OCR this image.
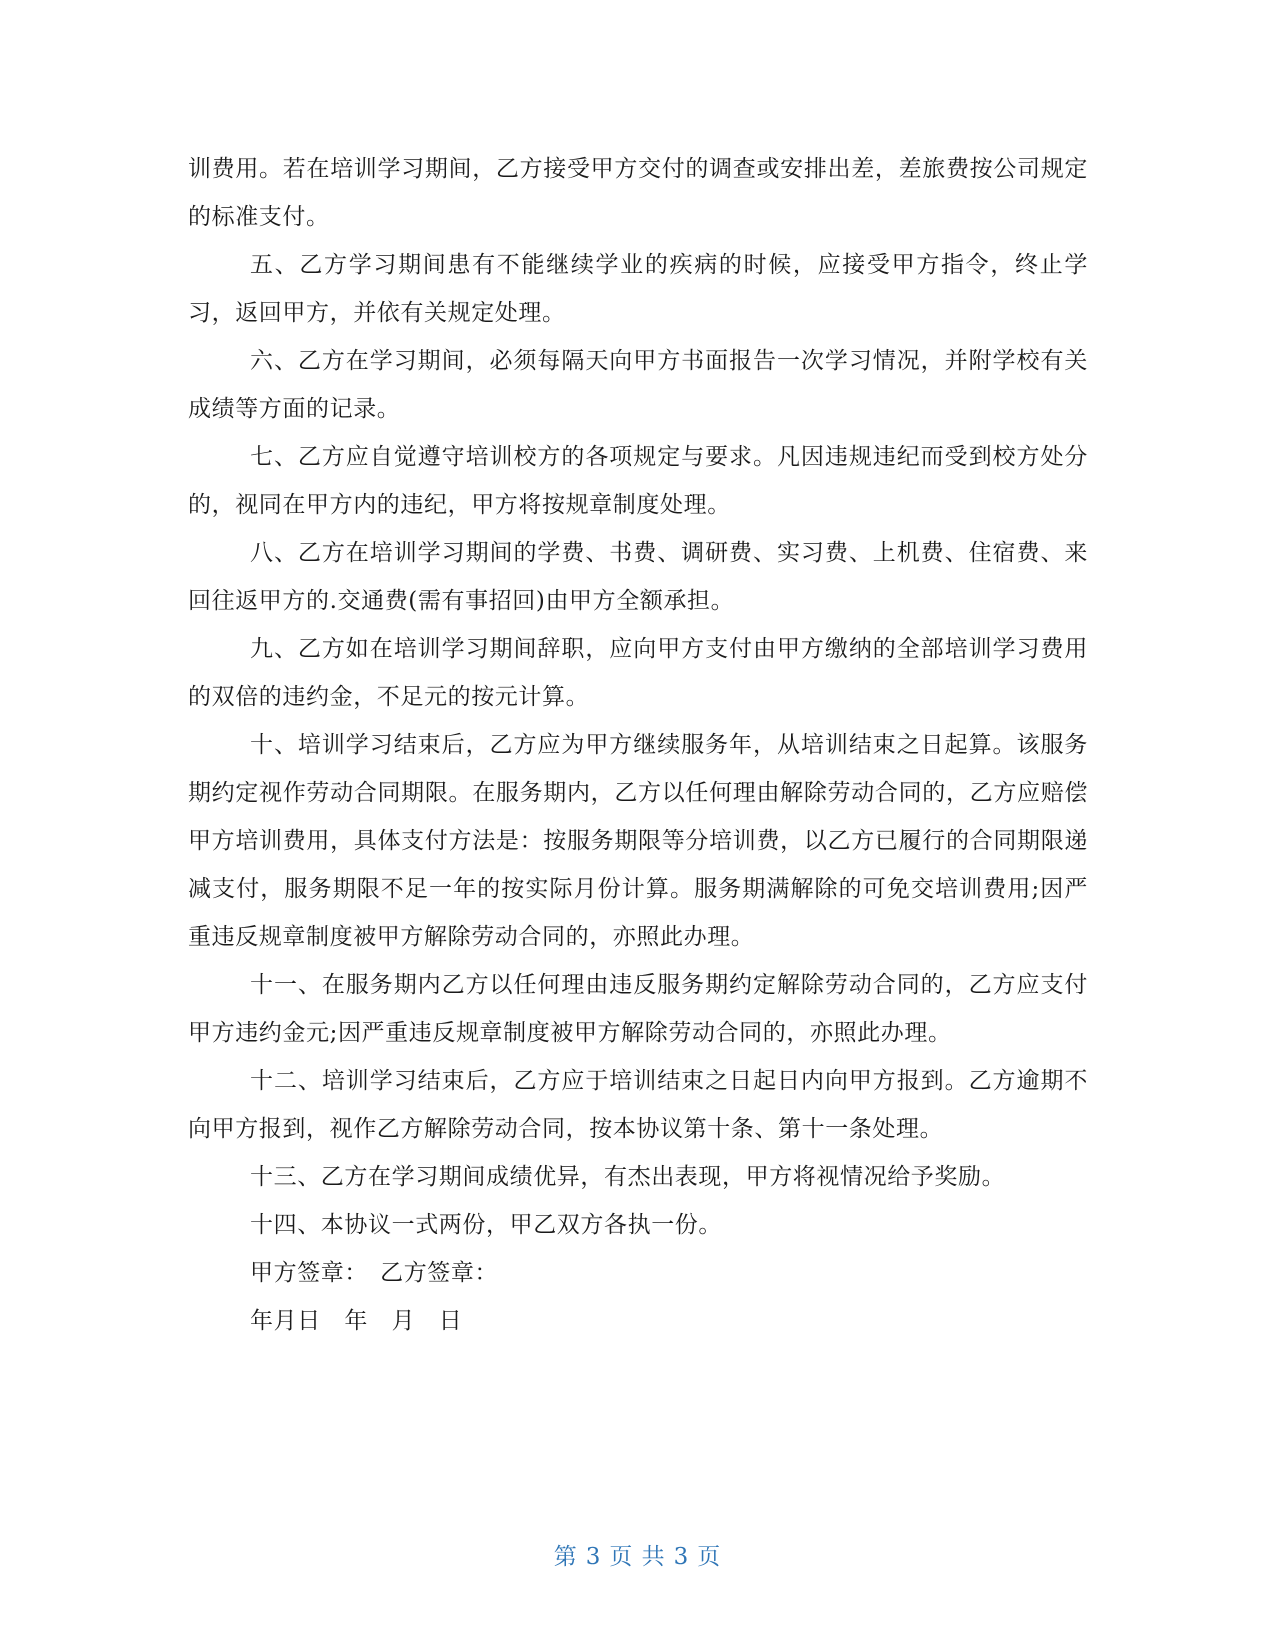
训费用。若在培训学习期间，乙方接受甲方交付的调查或安排出差，差旅费按公司规定的标准支付。

五、乙方学习期间患有不能继续学业的疾病的时候，应接受甲方指令，终止学习，返回甲方，并依有关规定处理。

六、乙方在学习期间，必须每隔天向甲方书面报告一次学习情况，并附学校有关成绩等方面的记录。

七、乙方应自觉遵守培训校方的各项规定与要求。凡因违规违纪而受到校方处分的，视同在甲方内的违纪，甲方将按规章制度处理。

八、乙方在培训学习期间的学费、书费、调研费、实习费、上机费、住宿费、来回往返甲方的.交通费(需有事招回)由甲方全额承担。

九、乙方如在培训学习期间辞职，应向甲方支付由甲方缴纳的全部培训学习费用的双倍的违约金，不足元的按元计算。

十、培训学习结束后，乙方应为甲方继续服务年，从培训结束之日起算。该服务期约定视作劳动合同期限。在服务期内，乙方以任何理由解除劳动合同的，乙方应赔偿甲方培训费用，具体支付方法是：按服务期限等分培训费，以乙方已履行的合同期限递减支付，服务期限不足一年的按实际月份计算。服务期满解除的可免交培训费用;因严重违反规章制度被甲方解除劳动合同的，亦照此办理。

十一、在服务期内乙方以任何理由违反服务期约定解除劳动合同的，乙方应支付甲方违约金元;因严重违反规章制度被甲方解除劳动合同的，亦照此办理。

十二、培训学习结束后，乙方应于培训结束之日起日内向甲方报到。乙方逾期不向甲方报到，视作乙方解除劳动合同，按本协议第十条、第十一条处理。

十三、乙方在学习期间成绩优异，有杰出表现，甲方将视情况给予奖励。

十四、本协议一式两份，甲乙双方各执一份。

甲方签章：　乙方签章：

年月日　年　月　日

第 3 页 共 3 页
